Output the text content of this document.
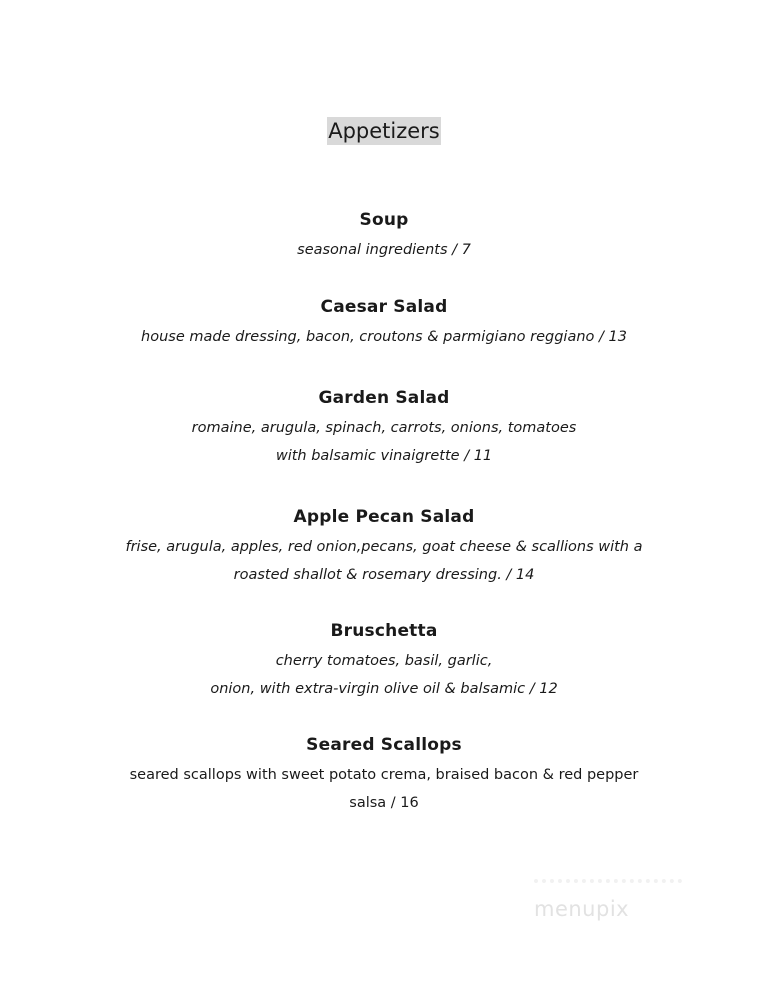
Appetizers
Soup
seasonal ingredients / 7
Caesar Salad
house made dressing, bacon, croutons & parmigiano reggiano / 13
Garden Salad
romaine, arugula, spinach, carrots, onions, tomatoes
with balsamic vinaigrette / 11
Apple Pecan Salad
frise, arugula, apples, red onion,pecans, goat cheese & scallions with a
roasted shallot & rosemary dressing. / 14
Bruschetta
cherry tomatoes, basil, garlic,
onion, with extra-virgin olive oil & balsamic / 12
Seared Scallops
seared scallops with sweet potato crema, braised bacon & red pepper
salsa / 16
menupix
